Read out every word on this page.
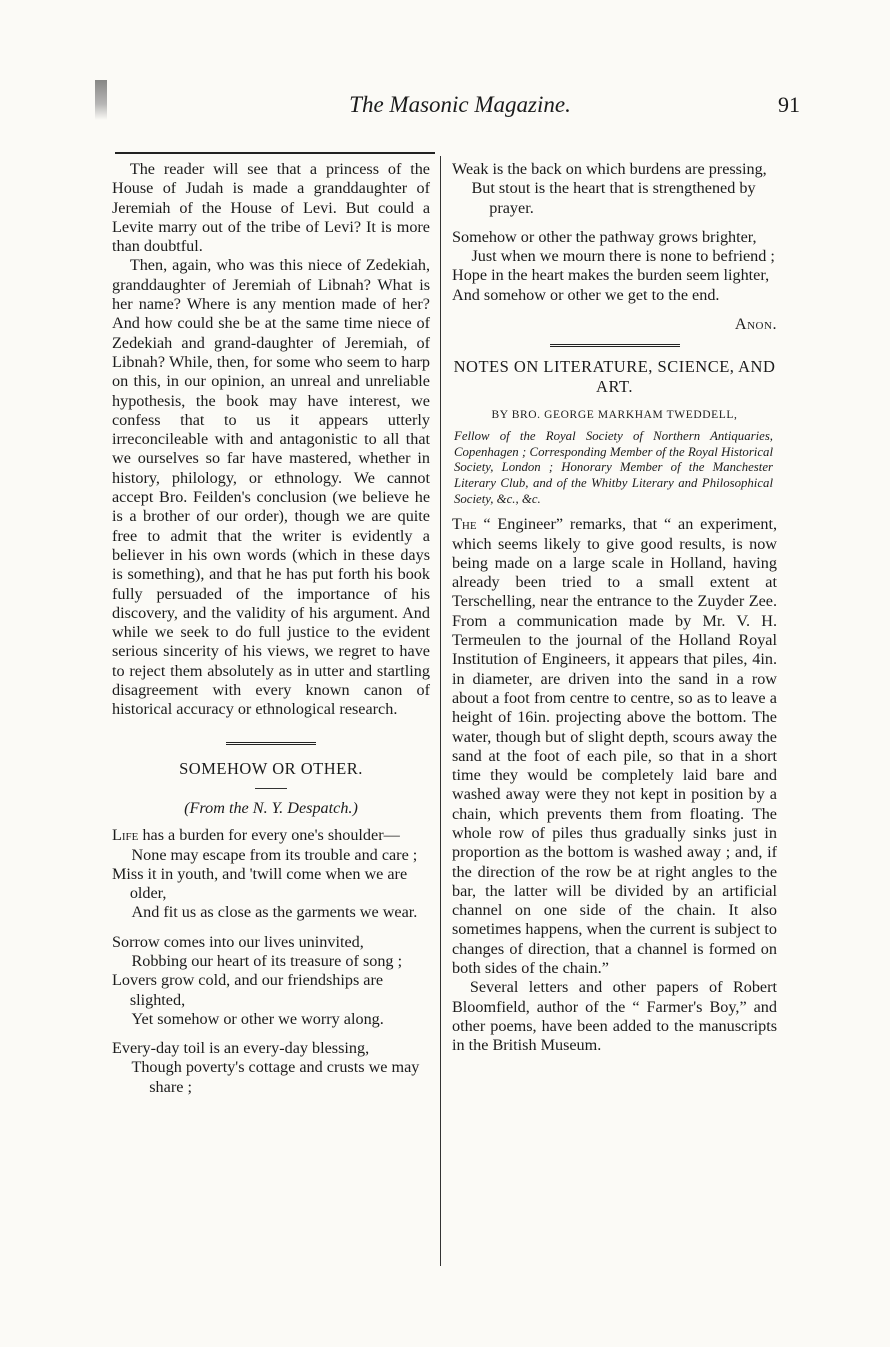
The Masonic Magazine.	91

The reader will see that a princess of the House of Judah is made a granddaughter of Jeremiah of the House of Levi. But could a Levite marry out of the tribe of Levi? It is more than doubtful.

Then, again, who was this niece of Zedekiah, granddaughter of Jeremiah of Libnah? What is her name? Where is any mention made of her? And how could she be at the same time niece of Zedekiah and grand-daughter of Jeremiah, of Libnah? While, then, for some who seem to harp on this, in our opinion, an unreal and unreliable hypothesis, the book may have interest, we confess that to us it appears utterly irreconcileable with and antagonistic to all that we ourselves so far have mastered, whether in history, philology, or ethnology. We cannot accept Bro. Feilden's conclusion (we believe he is a brother of our order), though we are quite free to admit that the writer is evidently a believer in his own words (which in these days is something), and that he has put forth his book fully persuaded of the importance of his discovery, and the validity of his argument. And while we seek to do full justice to the evident serious sincerity of his views, we regret to have to reject them absolutely as in utter and startling disagreement with every known canon of historical accuracy or ethnological research.

SOMEHOW OR OTHER.
(From the N. Y. Despatch.)
Life has a burden for every one's shoulder—
None may escape from its trouble and care ;
Miss it in youth, and 'twill come when we are older,
And fit us as close as the garments we wear.
Sorrow comes into our lives uninvited,
Robbing our heart of its treasure of song ;
Lovers grow cold, and our friendships are slighted,
Yet somehow or other we worry along.
Every-day toil is an every-day blessing,
Though poverty's cottage and crusts we may share ;
Weak is the back on which burdens are pressing,
But stout is the heart that is strengthened by prayer.
Somehow or other the pathway grows brighter,
Just when we mourn there is none to befriend ;
Hope in the heart makes the burden seem lighter,
And somehow or other we get to the end.
Anon.
NOTES ON LITERATURE, SCIENCE, AND ART.
BY BRO. GEORGE MARKHAM TWEDDELL,
Fellow of the Royal Society of Northern Antiquaries, Copenhagen ; Corresponding Member of the Royal Historical Society, London ; Honorary Member of the Manchester Literary Club, and of the Whitby Literary and Philosophical Society, &c., &c.

The “ Engineer” remarks, that “ an experiment, which seems likely to give good results, is now being made on a large scale in Holland, having already been tried to a small extent at Terschelling, near the entrance to the Zuyder Zee. From a communication made by Mr. V. H. Termeulen to the journal of the Holland Royal Institution of Engineers, it appears that piles, 4in. in diameter, are driven into the sand in a row about a foot from centre to centre, so as to leave a height of 16in. projecting above the bottom. The water, though but of slight depth, scours away the sand at the foot of each pile, so that in a short time they would be completely laid bare and washed away were they not kept in position by a chain, which prevents them from floating. The whole row of piles thus gradually sinks just in proportion as the bottom is washed away ; and, if the direction of the row be at right angles to the bar, the latter will be divided by an artificial channel on one side of the chain. It also sometimes happens, when the current is subject to changes of direction, that a channel is formed on both sides of the chain.”

Several letters and other papers of Robert Bloomfield, author of the “ Farmer's Boy,” and other poems, have been added to the manuscripts in the British Museum.
